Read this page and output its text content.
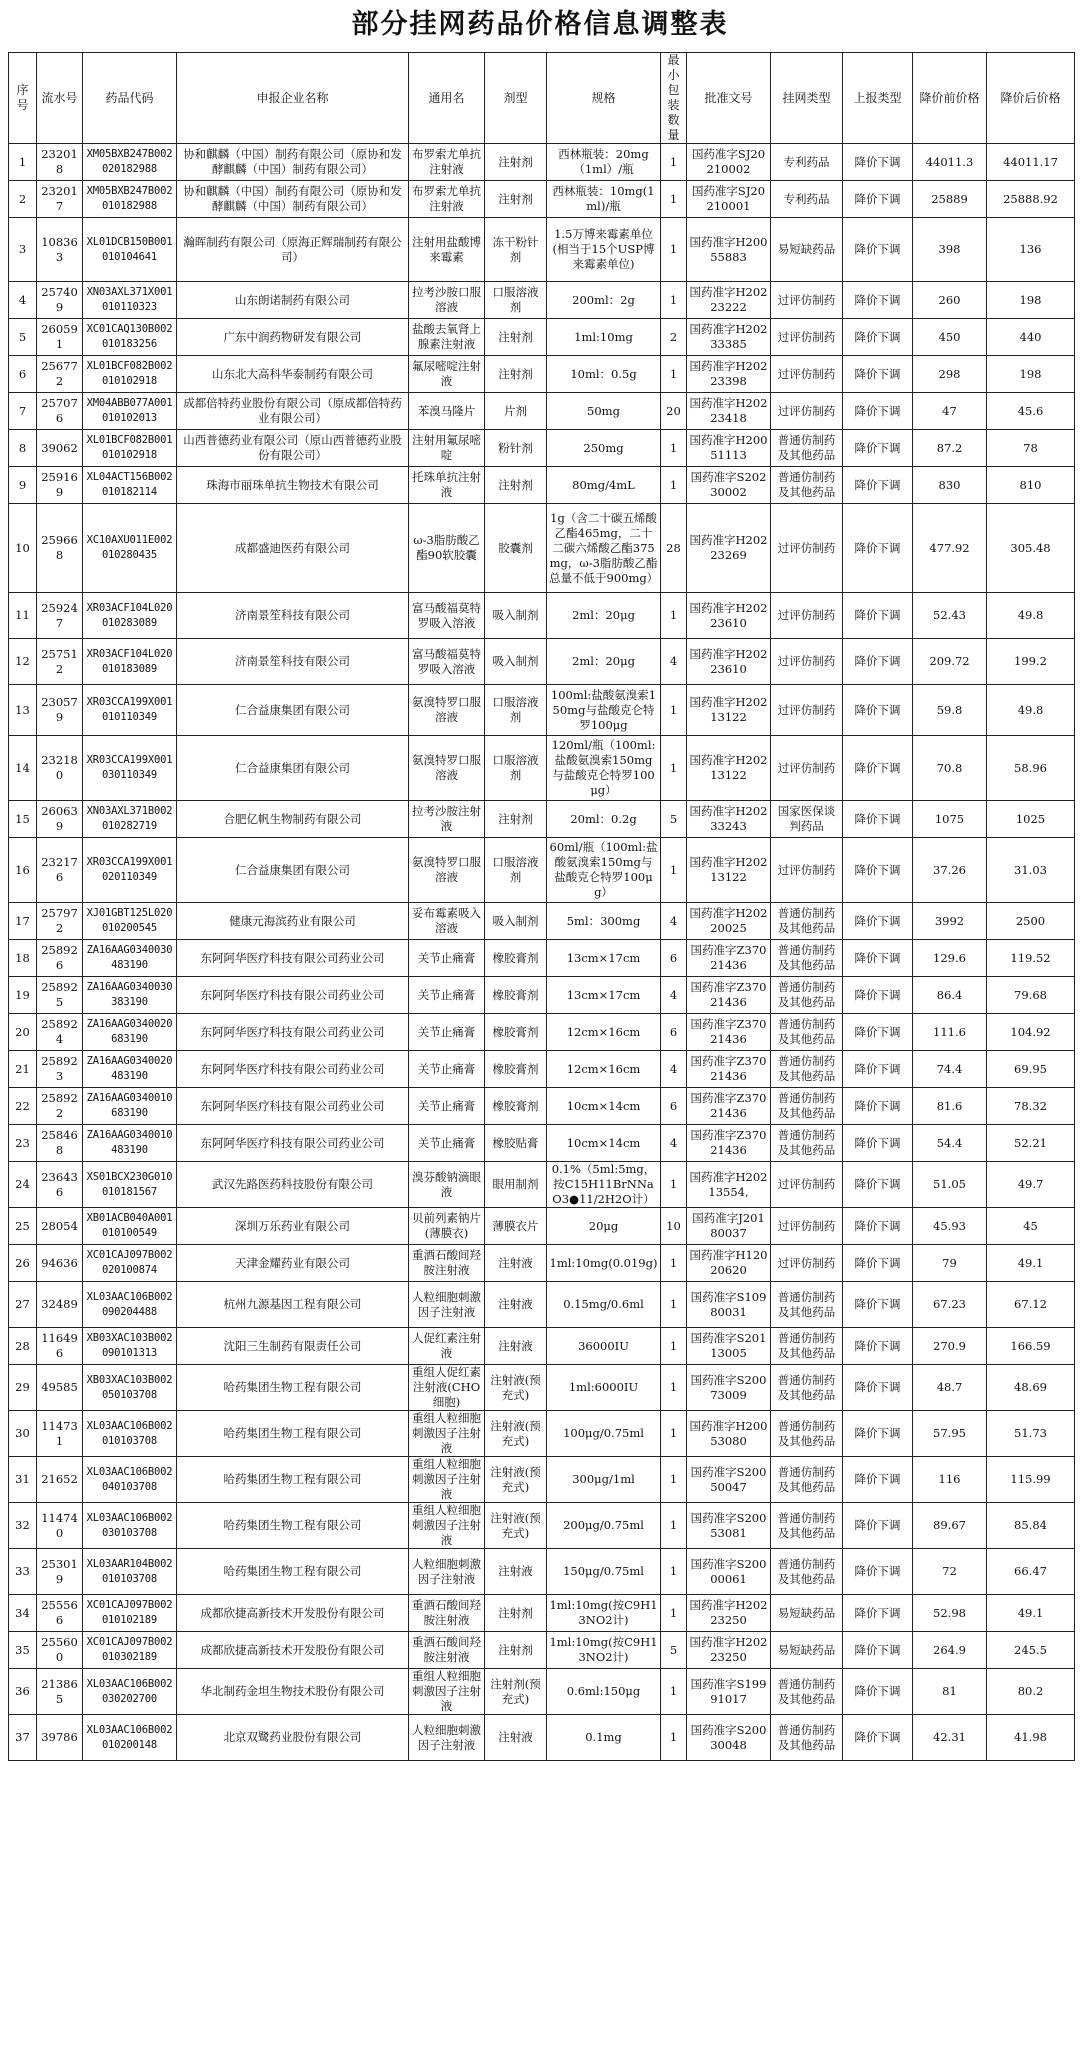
部分挂网药品价格信息调整表
序号	流水号	药品代码	申报企业名称	通用名	剂型	规格	最小包装数量	批准文号	挂网类型	上报类型	降价前价格	降价后价格
1	232018	XM05BXB247B002020182988	协和麒麟（中国）制药有限公司（原协和发酵麒麟（中国）制药有限公司）	布罗索尤单抗注射液	注射剂	西林瓶装：20mg（1ml）/瓶	1	国药准字SJ20210002	专利药品	降价下调	44011.3	44011.17
2	232017	XM05BXB247B002010182988	协和麒麟（中国）制药有限公司（原协和发酵麒麟（中国）制药有限公司）	布罗索尤单抗注射液	注射剂	西林瓶装：10mg(1ml)/瓶	1	国药准字SJ20210001	专利药品	降价下调	25889	25888.92
3	108363	XL01DCB150B001010104641	瀚晖制药有限公司（原海正辉瑞制药有限公司）	注射用盐酸博来霉素	冻干粉针剂	1.5万博来霉素单位(相当于15个USP博来霉素单位)	1	国药准字H20055883	易短缺药品	降价下调	398	136
4	257409	XN03AXL371X001010110323	山东朗诺制药有限公司	拉考沙胺口服溶液	口服溶液剂	200ml：2g	1	国药准字H20223222	过评仿制药	降价下调	260	198
5	260591	XC01CAQ130B002010183256	广东中润药物研发有限公司	盐酸去氧肾上腺素注射液	注射剂	1ml:10mg	2	国药准字H20233385	过评仿制药	降价下调	450	440
6	256772	XL01BCF082B002010102918	山东北大高科华泰制药有限公司	氟尿嘧啶注射液	注射剂	10ml：0.5g	1	国药准字H20223398	过评仿制药	降价下调	298	198
7	257076	XM04ABB077A001010102013	成都倍特药业股份有限公司（原成都倍特药业有限公司）	苯溴马隆片	片剂	50mg	20	国药准字H20223418	过评仿制药	降价下调	47	45.6
8	39062	XL01BCF082B001010102918	山西普德药业有限公司（原山西普德药业股份有限公司）	注射用氟尿嘧啶	粉针剂	250mg	1	国药准字H20051113	普通仿制药及其他药品	降价下调	87.2	78
9	259169	XL04ACT156B002010182114	珠海市丽珠单抗生物技术有限公司	托珠单抗注射液	注射剂	80mg/4mL	1	国药准字S20230002	普通仿制药及其他药品	降价下调	830	810
10	259668	XC10AXU011E002010280435	成都盛迪医药有限公司	ω-3脂肪酸乙酯90软胶囊	胶囊剂	1g（含二十碳五烯酸乙酯465mg，二十二碳六烯酸乙酯375mg，ω-3脂肪酸乙酯总量不低于900mg）	28	国药准字H20223269	过评仿制药	降价下调	477.92	305.48
11	259247	XR03ACF104L020010283089	济南景笙科技有限公司	富马酸福莫特罗吸入溶液	吸入制剂	2ml：20μg	1	国药准字H20223610	过评仿制药	降价下调	52.43	49.8
12	257512	XR03ACF104L020010183089	济南景笙科技有限公司	富马酸福莫特罗吸入溶液	吸入制剂	2ml：20μg	4	国药准字H20223610	过评仿制药	降价下调	209.72	199.2
13	230579	XR03CCA199X001010110349	仁合益康集团有限公司	氨溴特罗口服溶液	口服溶液剂	100ml:盐酸氨溴索150mg与盐酸克仑特罗100μg	1	国药准字H20213122	过评仿制药	降价下调	59.8	49.8
14	232180	XR03CCA199X001030110349	仁合益康集团有限公司	氨溴特罗口服溶液	口服溶液剂	120ml/瓶（100ml:盐酸氨溴索150mg与盐酸克仑特罗100μg）	1	国药准字H20213122	过评仿制药	降价下调	70.8	58.96
15	260639	XN03AXL371B002010282719	合肥亿帆生物制药有限公司	拉考沙胺注射液	注射剂	20ml：0.2g	5	国药准字H20233243	国家医保谈判药品	降价下调	1075	1025
16	232176	XR03CCA199X001020110349	仁合益康集团有限公司	氨溴特罗口服溶液	口服溶液剂	60ml/瓶（100ml:盐酸氨溴索150mg与盐酸克仑特罗100μg）	1	国药准字H20213122	过评仿制药	降价下调	37.26	31.03
17	257972	XJ01GBT125L020010200545	健康元海滨药业有限公司	妥布霉素吸入溶液	吸入制剂	5ml：300mg	4	国药准字H20220025	普通仿制药及其他药品	降价下调	3992	2500
18	258926	ZA16AAG0340030483190	东阿阿华医疗科技有限公司药业公司	关节止痛膏	橡胶膏剂	13cm×17cm	6	国药准字Z37021436	普通仿制药及其他药品	降价下调	129.6	119.52
19	258925	ZA16AAG0340030383190	东阿阿华医疗科技有限公司药业公司	关节止痛膏	橡胶膏剂	13cm×17cm	4	国药准字Z37021436	普通仿制药及其他药品	降价下调	86.4	79.68
20	258924	ZA16AAG0340020683190	东阿阿华医疗科技有限公司药业公司	关节止痛膏	橡胶膏剂	12cm×16cm	6	国药准字Z37021436	普通仿制药及其他药品	降价下调	111.6	104.92
21	258923	ZA16AAG0340020483190	东阿阿华医疗科技有限公司药业公司	关节止痛膏	橡胶膏剂	12cm×16cm	4	国药准字Z37021436	普通仿制药及其他药品	降价下调	74.4	69.95
22	258922	ZA16AAG0340010683190	东阿阿华医疗科技有限公司药业公司	关节止痛膏	橡胶膏剂	10cm×14cm	6	国药准字Z37021436	普通仿制药及其他药品	降价下调	81.6	78.32
23	258468	ZA16AAG0340010483190	东阿阿华医疗科技有限公司药业公司	关节止痛膏	橡胶贴膏	10cm×14cm	4	国药准字Z37021436	普通仿制药及其他药品	降价下调	54.4	52.21
24	236436	XS01BCX230G010010181567	武汉先路医药科技股份有限公司	溴芬酸钠滴眼液	眼用制剂	0.1%（5ml:5mg，按C15H11BrNNaO3●11/2H2O计）	1	国药准字H20213554,	过评仿制药	降价下调	51.05	49.7
25	28054	XB01ACB040A001010100549	深圳万乐药业有限公司	贝前列素钠片(薄膜衣)	薄膜衣片	20μg	10	国药准字J20180037	过评仿制药	降价下调	45.93	45
26	94636	XC01CAJ097B002020100874	天津金耀药业有限公司	重酒石酸间羟胺注射液	注射液	1ml:10mg(0.019g)	1	国药准字H12020620	过评仿制药	降价下调	79	49.1
27	32489	XL03AAC106B002090204488	杭州九源基因工程有限公司	人粒细胞刺激因子注射液	注射液	0.15mg/0.6ml	1	国药准字S10980031	普通仿制药及其他药品	降价下调	67.23	67.12
28	116496	XB03XAC103B002090101313	沈阳三生制药有限责任公司	人促红素注射液	注射液	36000IU	1	国药准字S20113005	普通仿制药及其他药品	降价下调	270.9	166.59
29	49585	XB03XAC103B002050103708	哈药集团生物工程有限公司	重组人促红素注射液(CHO细胞)	注射液(预充式)	1ml:6000IU	1	国药准字S20073009	普通仿制药及其他药品	降价下调	48.7	48.69
30	114731	XL03AAC106B002010103708	哈药集团生物工程有限公司	重组人粒细胞刺激因子注射液	注射液(预充式)	100μg/0.75ml	1	国药准字H20053080	普通仿制药及其他药品	降价下调	57.95	51.73
31	21652	XL03AAC106B002040103708	哈药集团生物工程有限公司	重组人粒细胞刺激因子注射液	注射液(预充式)	300μg/1ml	1	国药准字S20050047	普通仿制药及其他药品	降价下调	116	115.99
32	114740	XL03AAC106B002030103708	哈药集团生物工程有限公司	重组人粒细胞刺激因子注射液	注射液(预充式)	200μg/0.75ml	1	国药准字S20053081	普通仿制药及其他药品	降价下调	89.67	85.84
33	253019	XL03AAR104B002010103708	哈药集团生物工程有限公司	人粒细胞刺激因子注射液	注射液	150μg/0.75ml	1	国药准字S20000061	普通仿制药及其他药品	降价下调	72	66.47
34	255566	XC01CAJ097B002010102189	成都欣捷高新技术开发股份有限公司	重酒石酸间羟胺注射液	注射剂	1ml:10mg(按C9H13NO2计)	1	国药准字H20223250	易短缺药品	降价下调	52.98	49.1
35	255600	XC01CAJ097B002010302189	成都欣捷高新技术开发股份有限公司	重酒石酸间羟胺注射液	注射剂	1ml:10mg(按C9H13NO2计)	5	国药准字H20223250	易短缺药品	降价下调	264.9	245.5
36	213865	XL03AAC106B002030202700	华北制药金坦生物技术股份有限公司	重组人粒细胞刺激因子注射液	注射剂(预充式)	0.6ml:150μg	1	国药准字S19991017	普通仿制药及其他药品	降价下调	81	80.2
37	39786	XL03AAC106B002010200148	北京双鹭药业股份有限公司	人粒细胞刺激因子注射液	注射液	0.1mg	1	国药准字S20030048	普通仿制药及其他药品	降价下调	42.31	41.98
